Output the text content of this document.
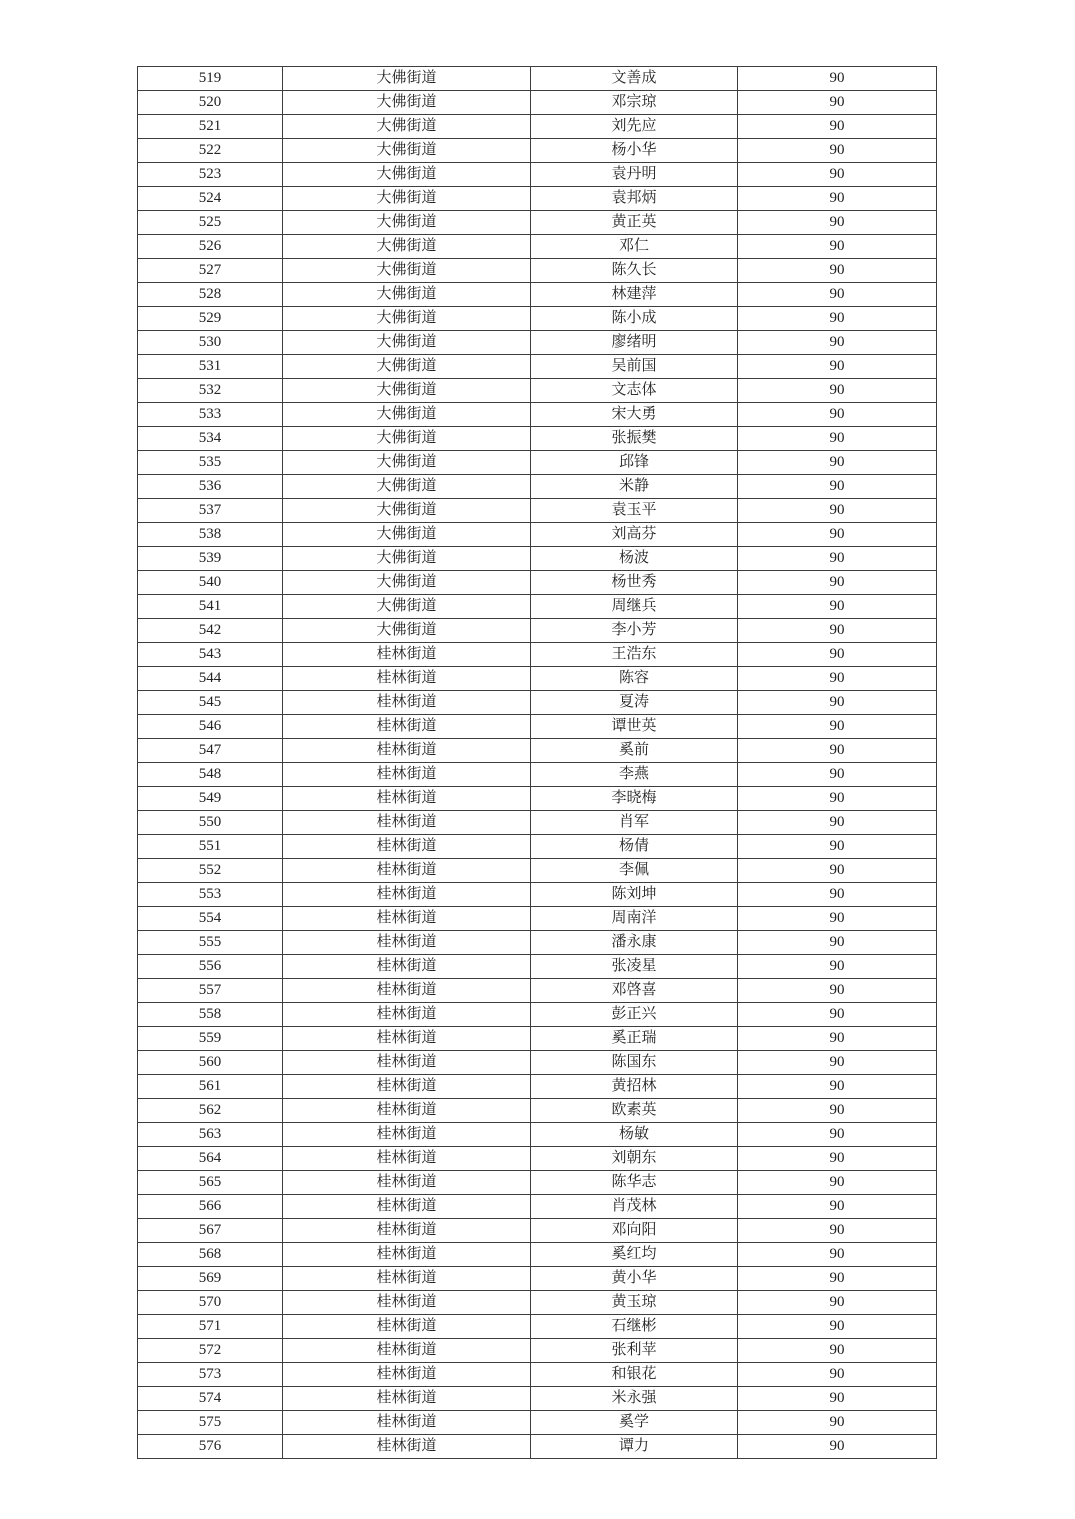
519	大佛街道	文善成	90
520	大佛街道	邓宗琼	90
521	大佛街道	刘先应	90
522	大佛街道	杨小华	90
523	大佛街道	袁丹明	90
524	大佛街道	袁邦炳	90
525	大佛街道	黄正英	90
526	大佛街道	邓仁	90
527	大佛街道	陈久长	90
528	大佛街道	林建萍	90
529	大佛街道	陈小成	90
530	大佛街道	廖绪明	90
531	大佛街道	吴前国	90
532	大佛街道	文志体	90
533	大佛街道	宋大勇	90
534	大佛街道	张振樊	90
535	大佛街道	邱锋	90
536	大佛街道	米静	90
537	大佛街道	袁玉平	90
538	大佛街道	刘高芬	90
539	大佛街道	杨波	90
540	大佛街道	杨世秀	90
541	大佛街道	周继兵	90
542	大佛街道	李小芳	90
543	桂林街道	王浩东	90
544	桂林街道	陈容	90
545	桂林街道	夏涛	90
546	桂林街道	谭世英	90
547	桂林街道	奚前	90
548	桂林街道	李燕	90
549	桂林街道	李晓梅	90
550	桂林街道	肖军	90
551	桂林街道	杨倩	90
552	桂林街道	李佩	90
553	桂林街道	陈刘坤	90
554	桂林街道	周南洋	90
555	桂林街道	潘永康	90
556	桂林街道	张凌星	90
557	桂林街道	邓啓喜	90
558	桂林街道	彭正兴	90
559	桂林街道	奚正瑞	90
560	桂林街道	陈国东	90
561	桂林街道	黄招林	90
562	桂林街道	欧素英	90
563	桂林街道	杨敏	90
564	桂林街道	刘朝东	90
565	桂林街道	陈华志	90
566	桂林街道	肖茂林	90
567	桂林街道	邓向阳	90
568	桂林街道	奚红均	90
569	桂林街道	黄小华	90
570	桂林街道	黄玉琼	90
571	桂林街道	石继彬	90
572	桂林街道	张利苹	90
573	桂林街道	和银花	90
574	桂林街道	米永强	90
575	桂林街道	奚学	90
576	桂林街道	谭力	90
